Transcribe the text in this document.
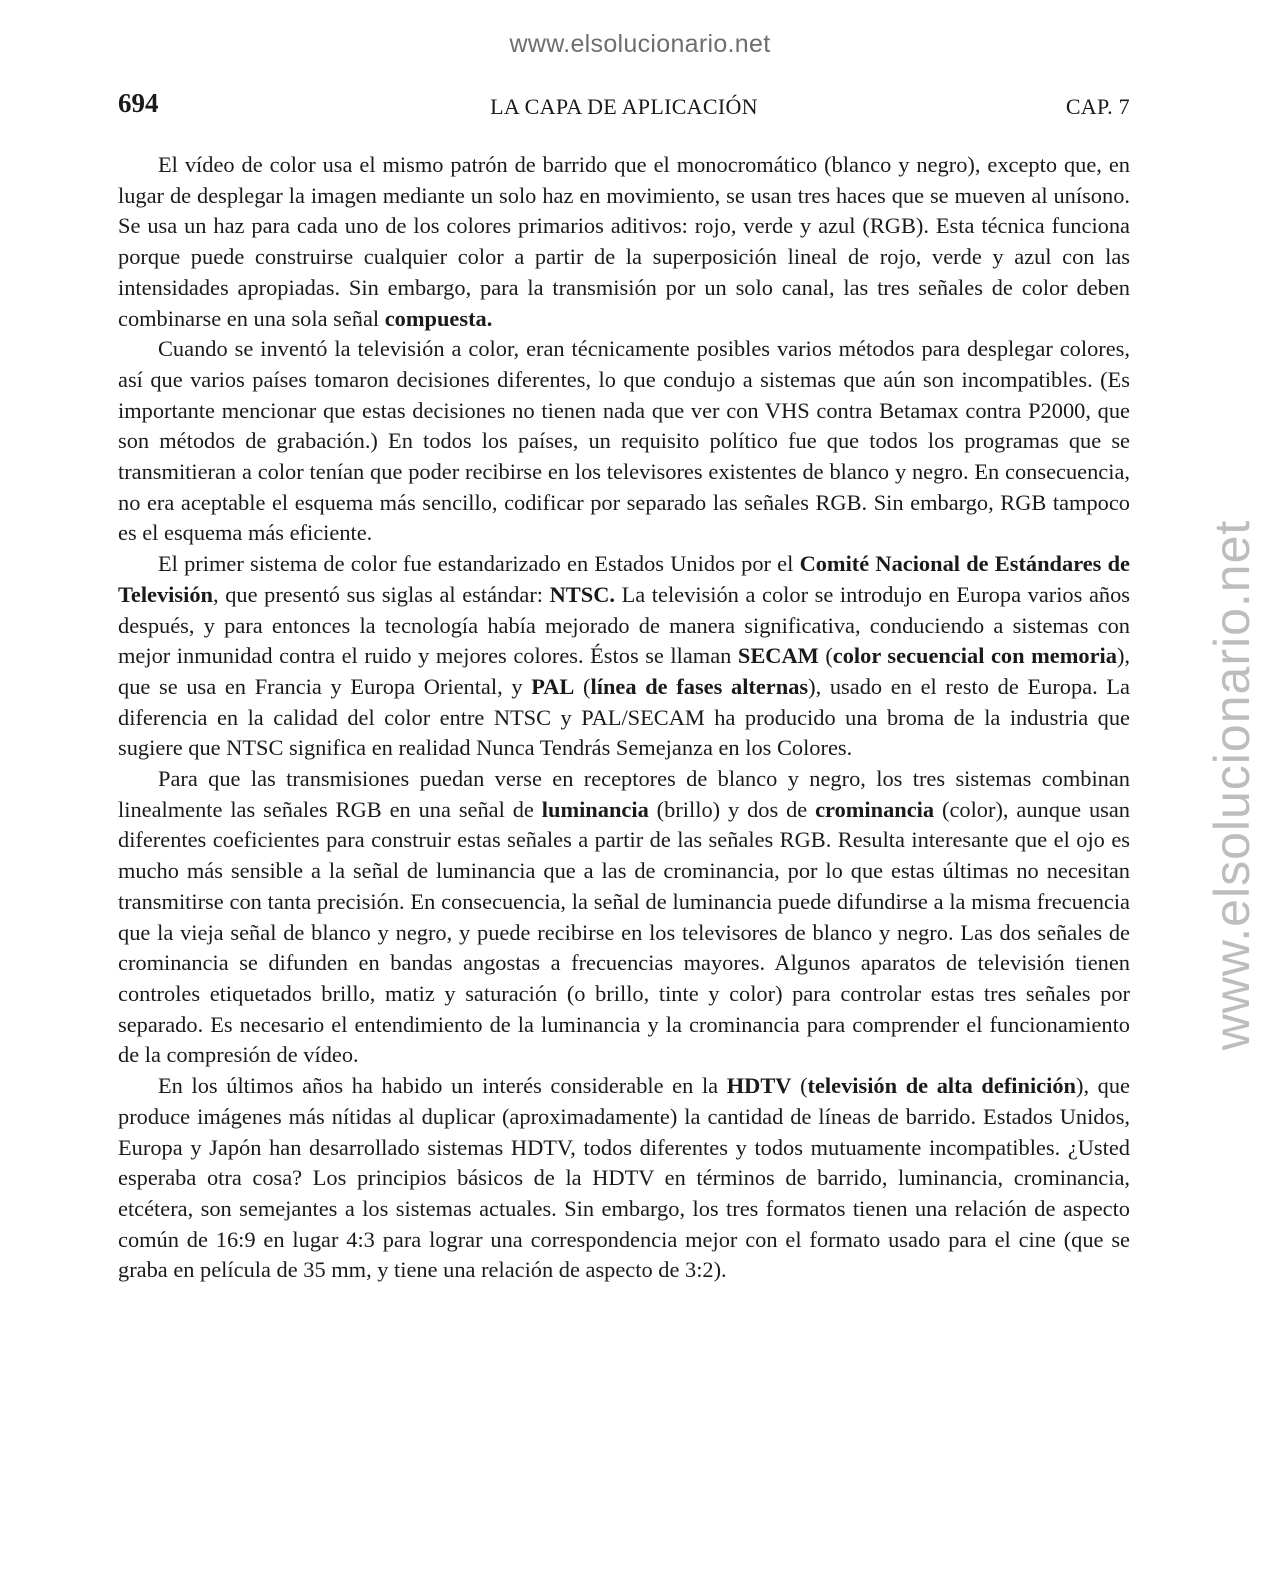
www.elsolucionario.net
www.elsolucionario.net
694	LA CAPA DE APLICACIÓN	CAP. 7

El vídeo de color usa el mismo patrón de barrido que el monocromático (blanco y negro), excepto que, en lugar de desplegar la imagen mediante un solo haz en movimiento, se usan tres haces que se mueven al unísono. Se usa un haz para cada uno de los colores primarios aditivos: rojo, verde y azul (RGB). Esta técnica funciona porque puede construirse cualquier color a partir de la superposición lineal de rojo, verde y azul con las intensidades apropiadas. Sin embargo, para la transmisión por un solo canal, las tres señales de color deben combinarse en una sola señal compuesta.

Cuando se inventó la televisión a color, eran técnicamente posibles varios métodos para desplegar colores, así que varios países tomaron decisiones diferentes, lo que condujo a sistemas que aún son incompatibles. (Es importante mencionar que estas decisiones no tienen nada que ver con VHS contra Betamax contra P2000, que son métodos de grabación.) En todos los países, un requisito político fue que todos los programas que se transmitieran a color tenían que poder recibirse en los televisores existentes de blanco y negro. En consecuencia, no era aceptable el esquema más sencillo, codificar por separado las señales RGB. Sin embargo, RGB tampoco es el esquema más eficiente.

El primer sistema de color fue estandarizado en Estados Unidos por el Comité Nacional de Estándares de Televisión, que presentó sus siglas al estándar: NTSC. La televisión a color se introdujo en Europa varios años después, y para entonces la tecnología había mejorado de manera significativa, conduciendo a sistemas con mejor inmunidad contra el ruido y mejores colores. Éstos se llaman SECAM (color secuencial con memoria), que se usa en Francia y Europa Oriental, y PAL (línea de fases alternas), usado en el resto de Europa. La diferencia en la calidad del color entre NTSC y PAL/SECAM ha producido una broma de la industria que sugiere que NTSC significa en realidad Nunca Tendrás Semejanza en los Colores.

Para que las transmisiones puedan verse en receptores de blanco y negro, los tres sistemas combinan linealmente las señales RGB en una señal de luminancia (brillo) y dos de crominancia (color), aunque usan diferentes coeficientes para construir estas señales a partir de las señales RGB. Resulta interesante que el ojo es mucho más sensible a la señal de luminancia que a las de crominancia, por lo que estas últimas no necesitan transmitirse con tanta precisión. En consecuencia, la señal de luminancia puede difundirse a la misma frecuencia que la vieja señal de blanco y negro, y puede recibirse en los televisores de blanco y negro. Las dos señales de crominancia se difunden en bandas angostas a frecuencias mayores. Algunos aparatos de televisión tienen controles etiquetados brillo, matiz y saturación (o brillo, tinte y color) para controlar estas tres señales por separado. Es necesario el entendimiento de la luminancia y la crominancia para comprender el funcionamiento de la compresión de vídeo.

En los últimos años ha habido un interés considerable en la HDTV (televisión de alta definición), que produce imágenes más nítidas al duplicar (aproximadamente) la cantidad de líneas de barrido. Estados Unidos, Europa y Japón han desarrollado sistemas HDTV, todos diferentes y todos mutuamente incompatibles. ¿Usted esperaba otra cosa? Los principios básicos de la HDTV en términos de barrido, luminancia, crominancia, etcétera, son semejantes a los sistemas actuales. Sin embargo, los tres formatos tienen una relación de aspecto común de 16:9 en lugar 4:3 para lograr una correspondencia mejor con el formato usado para el cine (que se graba en película de 35 mm, y tiene una relación de aspecto de 3:2).
